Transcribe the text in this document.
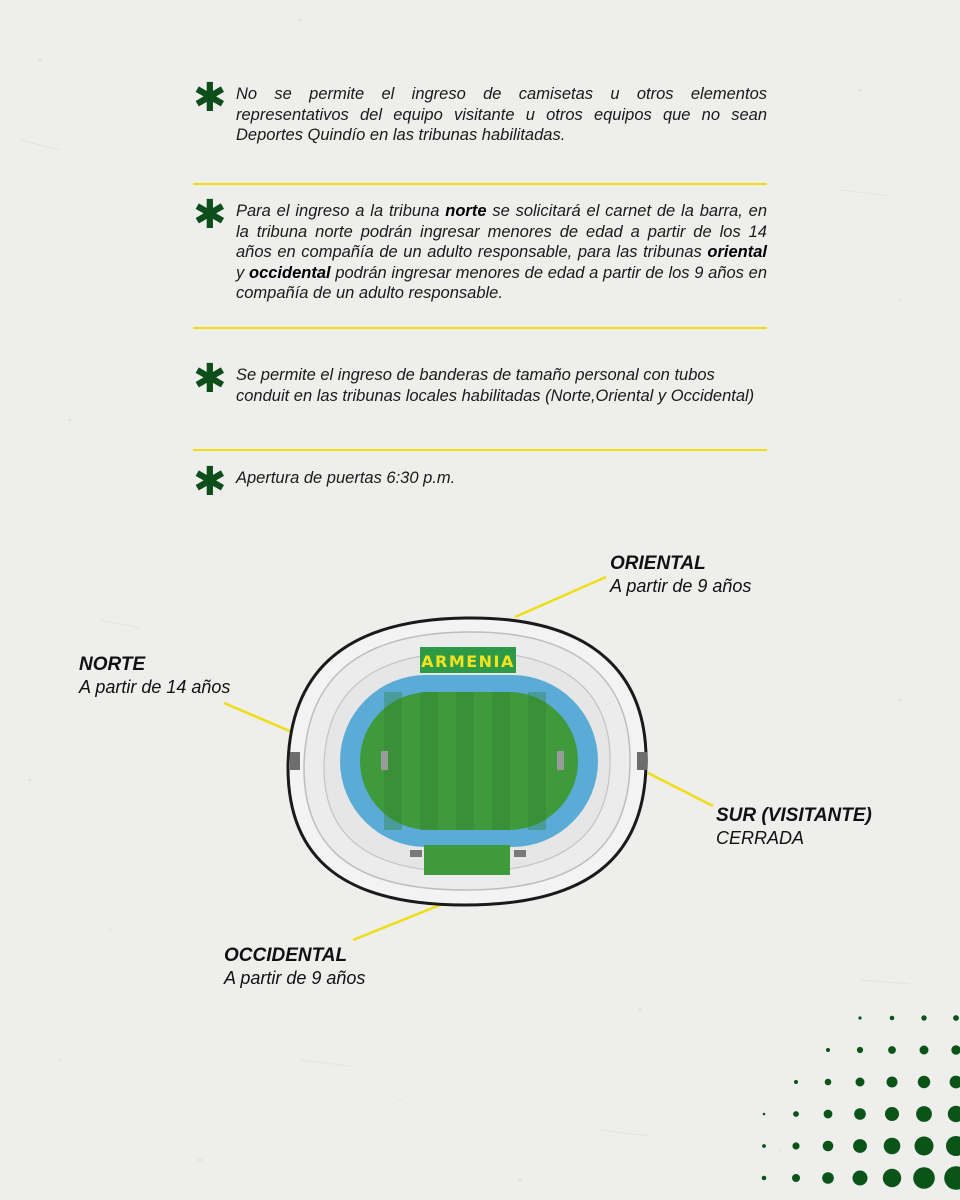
✱ No se permite el ingreso de camisetas u otros elementos representativos del equipo visitante u otros equipos que no sean Deportes Quindío en las tribunas habilitadas.
✱ Para el ingreso a la tribuna norte se solicitará el carnet de la barra, en la tribuna norte podrán ingresar menores de edad a partir de los 14 años en compañía de un adulto responsable, para las tribunas oriental y occidental podrán ingresar menores de edad a partir de los 9 años en compañía de un adulto responsable.
✱ Se permite el ingreso de banderas de tamaño personal con tubos conduit en las tribunas locales habilitadas (Norte,Oriental y Occidental)
✱ Apertura de puertas 6:30 p.m.
ARMENIA
ORIENTAL
A partir de 9 años
NORTE
A partir de 14 años
SUR (VISITANTE)
CERRADA
OCCIDENTAL
A partir de 9 años
